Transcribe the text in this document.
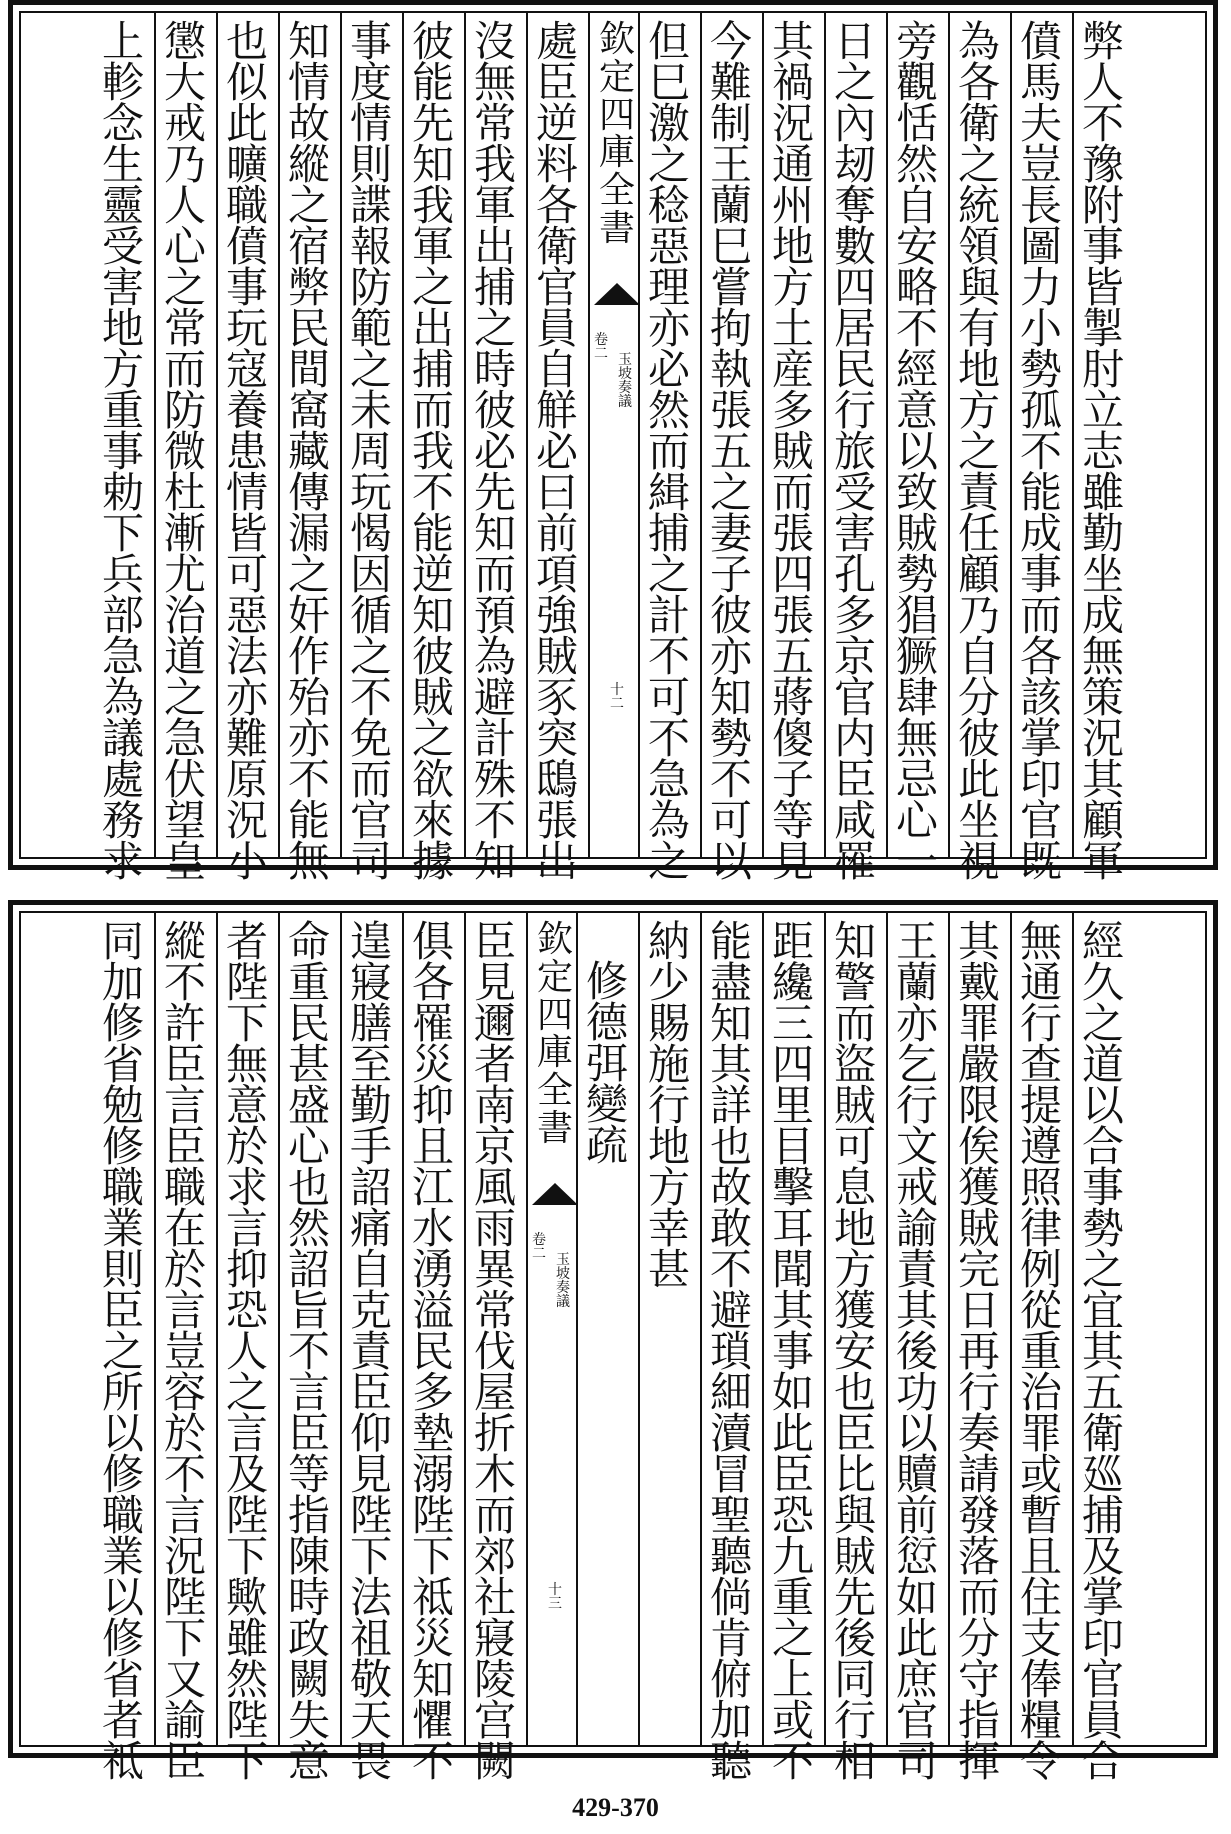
弊
人
不
豫
附
事
皆
掣
肘
立
志
雖
勤
坐
成
無
策
況
其
顧
軍
僨
馬
夫
豈
長
圖
力
小
勢
孤
不
能
成
事
而
各
該
掌
印
官
既
為
各
衛
之
統
領
與
有
地
方
之
責
任
顧
乃
自
分
彼
此
坐
視
旁
觀
恬
然
自
安
略
不
經
意
以
致
賊
勢
猖
獗
肆
無
忌
心
一
日
之
內
刼
奪
數
四
居
民
行
旅
受
害
孔
多
京
官
内
臣
咸
罹
其
禍
況
通
州
地
方
土
産
多
賊
而
張
四
張
五
蔣
傻
子
等
見
今
難
制
王
蘭
巳
嘗
拘
執
張
五
之
妻
子
彼
亦
知
勢
不
可
以
但
巳
激
之
稔
惡
理
亦
必
然
而
緝
捕
之
計
不
可
不
急
為
之
欽
定
四
庫
全
書
卷
二 玉
坡
奏
議
十
二
處
臣
逆
料
各
衛
官
員
自
觧
必
曰
前
項
強
賊
豕
突
鴟
張
出
沒
無
常
我
軍
出
捕
之
時
彼
必
先
知
而
預
為
避
計
殊
不
知
彼
能
先
知
我
軍
之
出
捕
而
我
不
能
逆
知
彼
賊
之
欲
來
據
事
度
情
則
諜
報
防
範
之
未
周
玩
愒
因
循
之
不
免
而
官
司
知
情
故
縱
之
宿
弊
民
間
窩
藏
傳
漏
之
奸
作
殆
亦
不
能
無
也
似
此
曠
職
僨
事
玩
寇
養
患
情
皆
可
惡
法
亦
難
原
況
小
懲
大
戒
乃
人
心
之
常
而
防
微
杜
漸
尤
治
道
之
急
伏
望
皇
上
軫
念
生
靈
受
害
地
方
重
事
勅
下
兵
部
急
為
議
處
務
求
經
久
之
道
以
合
事
勢
之
宜
其
五
衛
廵
捕
及
掌
印
官
員
合
無
通
行
查
提
遵
照
律
例
從
重
治
罪
或
暫
且
住
支
俸
糧
令
其
戴
罪
嚴
限
俟
獲
賊
完
日
再
行
奏
請
發
落
而
分
守
指
揮
王
蘭
亦
乞
行
文
戒
諭
責
其
後
功
以
贖
前
愆
如
此
庶
官
司
知
警
而
盜
賊
可
息
地
方
獲
安
也
臣
比
與
賊
先
後
同
行
相
距
纔
三
四
里
目
擊
耳
聞
其
事
如
此
臣
恐
九
重
之
上
或
不
能
盡
知
其
詳
也
故
敢
不
避
瑣
細
瀆
冒
聖
聽
倘
肯
俯
加
聽
納
少
賜
施
行
地
方
幸
甚
修
德
弭
變
疏
欽
定
四
庫
全
書
卷
二 玉
坡
奏
議
十
三
臣
見
邇
者
南
京
風
雨
異
常
伐
屋
折
木
而
郊
社
寢
陵
宫
闕
俱
各
罹
災
抑
且
江
水
湧
溢
民
多
墊
溺
陛
下
祗
災
知
懼
不
遑
寢
膳
至
勤
手
詔
痛
自
克
責
臣
仰
見
陛
下
法
祖
敬
天
畏
命
重
民
甚
盛
心
也
然
詔
旨
不
言
臣
等
指
陳
時
政
闕
失
意
者
陛
下
無
意
於
求
言
抑
恐
人
之
言
及
陛
下
歟
雖
然
陛
下
縱
不
許
臣
言
臣
職
在
於
言
豈
容
於
不
言
況
陛
下
又
諭
臣
同
加
修
省
勉
修
職
業
則
臣
之
所
以
修
職
業
以
修
省
者
祗
429-370
